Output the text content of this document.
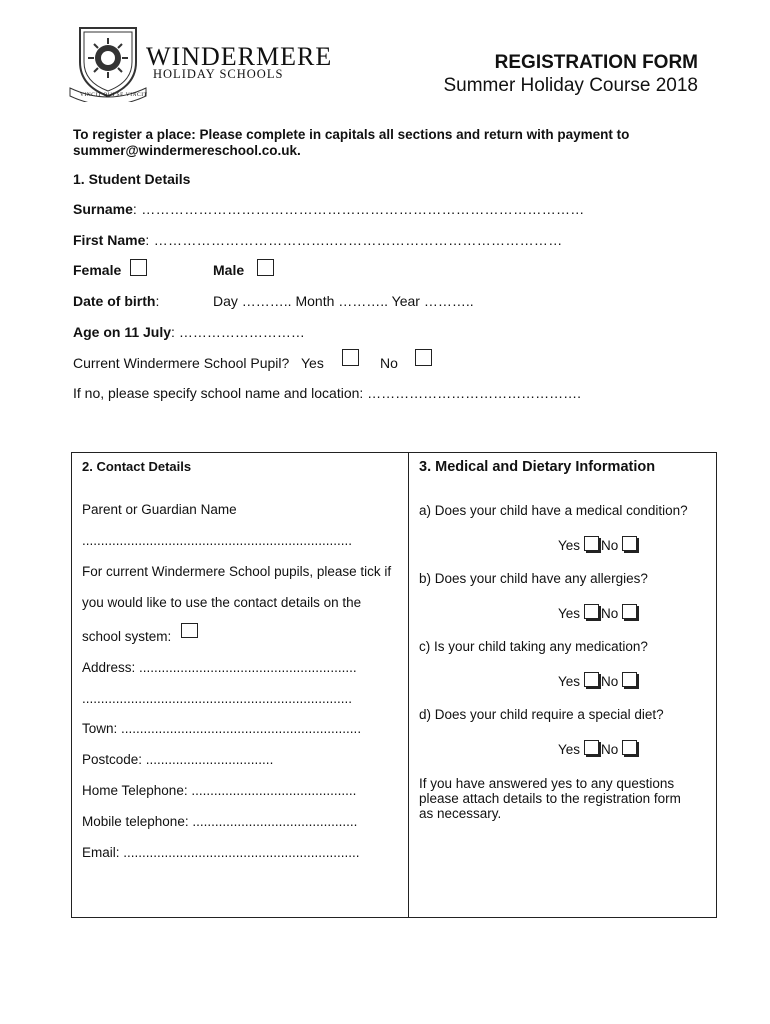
VINCIT QUI SE VINCIT
WINDERMERE
HOLIDAY SCHOOLS
REGISTRATION FORM
Summer Holiday Course 2018
To register a place: Please complete in capitals all sections and return with payment to
summer@windermereschool.co.uk.
1. Student Details
Surname: …………………………………………………………………………………
First Name: ………………………………..…………………………………………
Female	Male
Date of birth:	Day ……….. Month ……….. Year ………..
Age on 11 July: ………………………
Current Windermere School Pupil? Yes	No
If no, please specify school name and location: ……………………………………….
2. Contact Details
Parent or Guardian Name
........................................................................
For current Windermere School pupils, please tick if
you would like to use the contact details on the
school system:
Address: ..........................................................
........................................................................
Town: ................................................................
Postcode: ..................................
Home Telephone: ............................................
Mobile telephone: ............................................
Email: ...............................................................
3. Medical and Dietary Information
a) Does your child have a medical condition?
Yes No
b) Does your child have any allergies?
Yes No
c) Is your child taking any medication?
Yes No
d) Does your child require a special diet?
Yes No
If you have answered yes to any questions
please attach details to the registration form
as necessary.
